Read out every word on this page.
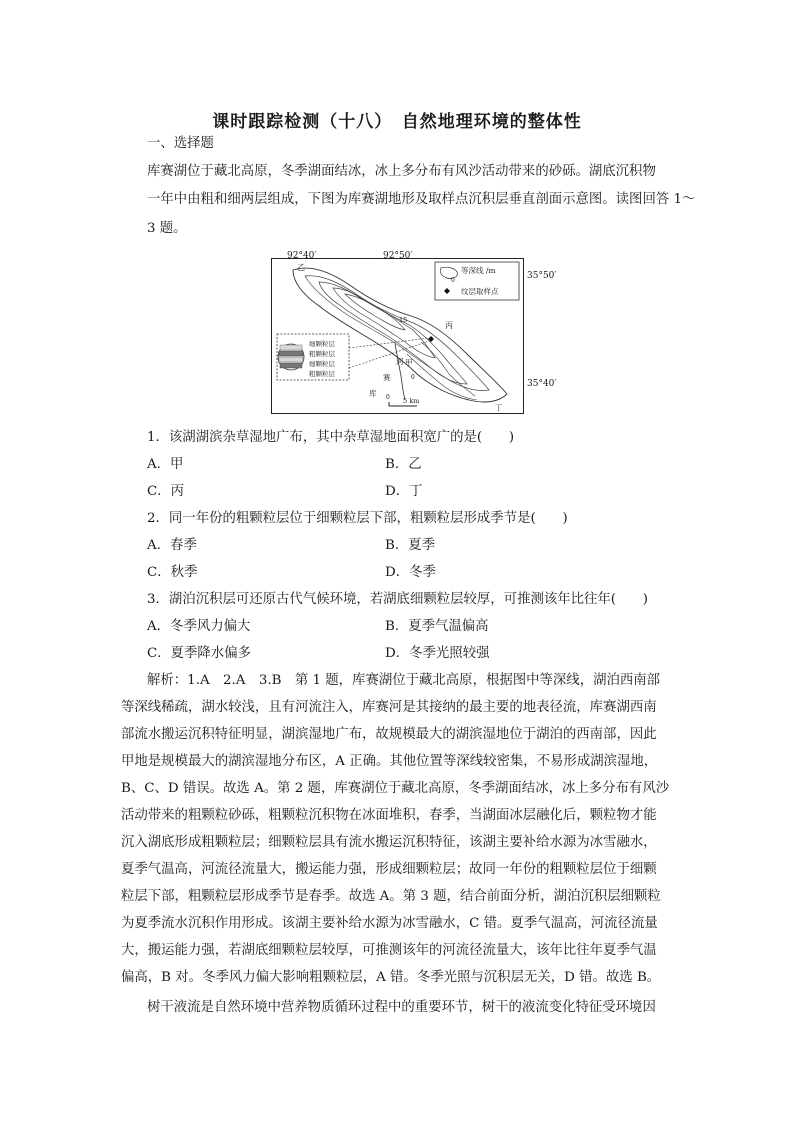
课时跟踪检测（十八）　自然地理环境的整体性
一、选择题
库赛湖位于藏北高原，冬季湖面结冰，冰上多分布有风沙活动带来的砂砾。湖底沉积物
一年中由粗和细两层组成，下图为库赛湖地形及取样点沉积层垂直剖面示意图。读图回答 1～
3 题。
等深线 /m
0
纹层取样点
乙
15
丙
甲
0
河
赛
库
丁
0 5 km
细颗粒层
粗颗粒层
细颗粒层
粗颗粒层
92°40′	92°50′
35°50′
35°40′
1．该湖湖滨杂草湿地广布，其中杂草湿地面积宽广的是(　　)
A．甲	B．乙
C．丙	D．丁
2．同一年份的粗颗粒层位于细颗粒层下部，粗颗粒层形成季节是(　　)
A．春季	B．夏季
C．秋季	D．冬季
3．湖泊沉积层可还原古代气候环境，若湖底细颗粒层较厚，可推测该年比往年(　　)
A．冬季风力偏大	B．夏季气温偏高
C．夏季降水偏多	D．冬季光照较强
解析：1.A　2.A　3.B　第 1 题，库赛湖位于藏北高原，根据图中等深线，湖泊西南部
等深线稀疏，湖水较浅，且有河流注入，库赛河是其接纳的最主要的地表径流，库赛湖西南
部流水搬运沉积特征明显，湖滨湿地广布，故规模最大的湖滨湿地位于湖泊的西南部，因此
甲地是规模最大的湖滨湿地分布区，A 正确。其他位置等深线较密集，不易形成湖滨湿地，
B、C、D 错误。故选 A。第 2 题，库赛湖位于藏北高原，冬季湖面结冰，冰上多分布有风沙
活动带来的粗颗粒砂砾，粗颗粒沉积物在冰面堆积，春季，当湖面冰层融化后，颗粒物才能
沉入湖底形成粗颗粒层；细颗粒层具有流水搬运沉积特征，该湖主要补给水源为冰雪融水，
夏季气温高，河流径流量大，搬运能力强，形成细颗粒层；故同一年份的粗颗粒层位于细颗
粒层下部，粗颗粒层形成季节是春季。故选 A。第 3 题，结合前面分析，湖泊沉积层细颗粒
为夏季流水沉积作用形成。该湖主要补给水源为冰雪融水，C 错。夏季气温高，河流径流量
大，搬运能力强，若湖底细颗粒层较厚，可推测该年的河流径流量大，该年比往年夏季气温
偏高，B 对。冬季风力偏大影响粗颗粒层，A 错。冬季光照与沉积层无关，D 错。故选 B。
树干液流是自然环境中营养物质循环过程中的重要环节，树干的液流变化特征受环境因
